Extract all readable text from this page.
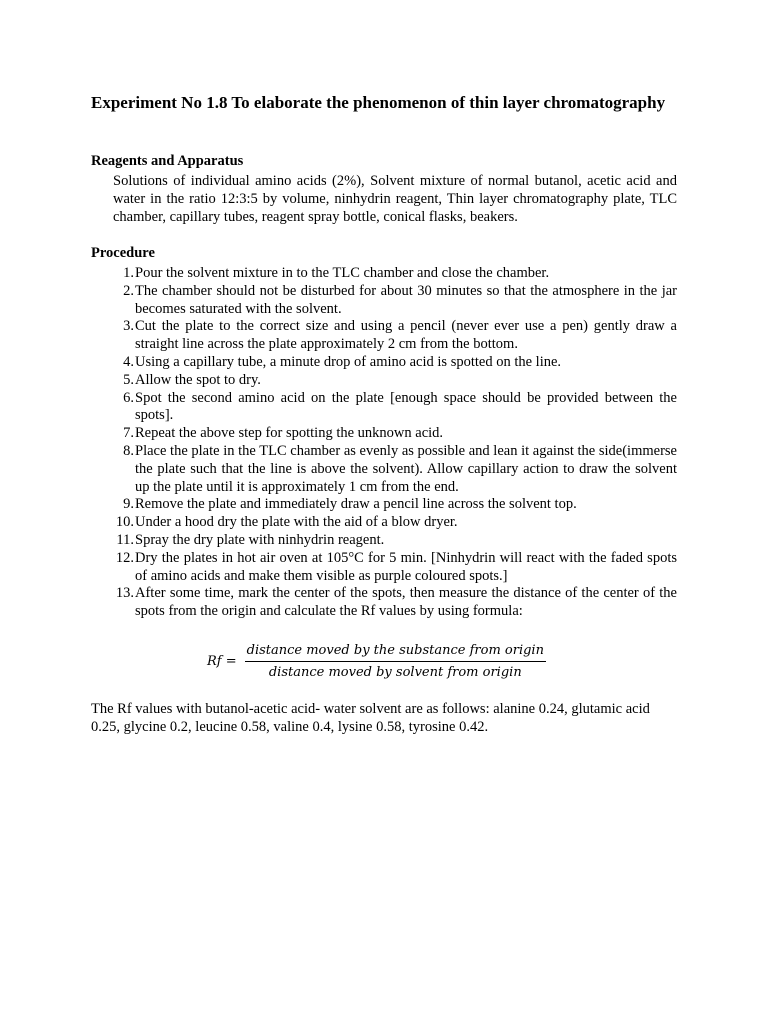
Experiment No 1.8 To elaborate the phenomenon of thin layer chromatography
Reagents and Apparatus

Solutions of individual amino acids (2%), Solvent mixture of normal butanol, acetic acid and water in the ratio 12:3:5 by volume, ninhydrin reagent, Thin layer chromatography plate, TLC chamber, capillary tubes, reagent spray bottle, conical flasks, beakers.

Procedure
1. Pour the solvent mixture in to the TLC chamber and close the chamber.
2. The chamber should not be disturbed for about 30 minutes so that the atmosphere in the jar becomes saturated with the solvent.
3. Cut the plate to the correct size and using a pencil (never ever use a pen) gently draw a straight line across the plate approximately 2 cm from the bottom.
4. Using a capillary tube, a minute drop of amino acid is spotted on the line.
5. Allow the spot to dry.
6. Spot the second amino acid on the plate [enough space should be provided between the spots].
7. Repeat the above step for spotting the unknown acid.
8. Place the plate in the TLC chamber as evenly as possible and lean it against the side(immerse the plate such that the line is above the solvent). Allow capillary action to draw the solvent up the plate until it is approximately 1 cm from the end.
9. Remove the plate and immediately draw a pencil line across the solvent top.
10. Under a hood dry the plate with the aid of a blow dryer.
11. Spray the dry plate with ninhydrin reagent.
12. Dry the plates in hot air oven at 105°C for 5 min. [Ninhydrin will react with the faded spots of amino acids and make them visible as purple coloured spots.]
13. After some time, mark the center of the spots, then measure the distance of the center of the spots from the origin and calculate the Rf values by using formula:
$Rf = \frac{\text{distance moved by the substance from origin}}{\text{distance moved by solvent from origin}}$

The Rf values with butanol-acetic acid- water solvent are as follows: alanine 0.24, glutamic acid 0.25, glycine 0.2, leucine 0.58, valine 0.4, lysine 0.58, tyrosine 0.42.
